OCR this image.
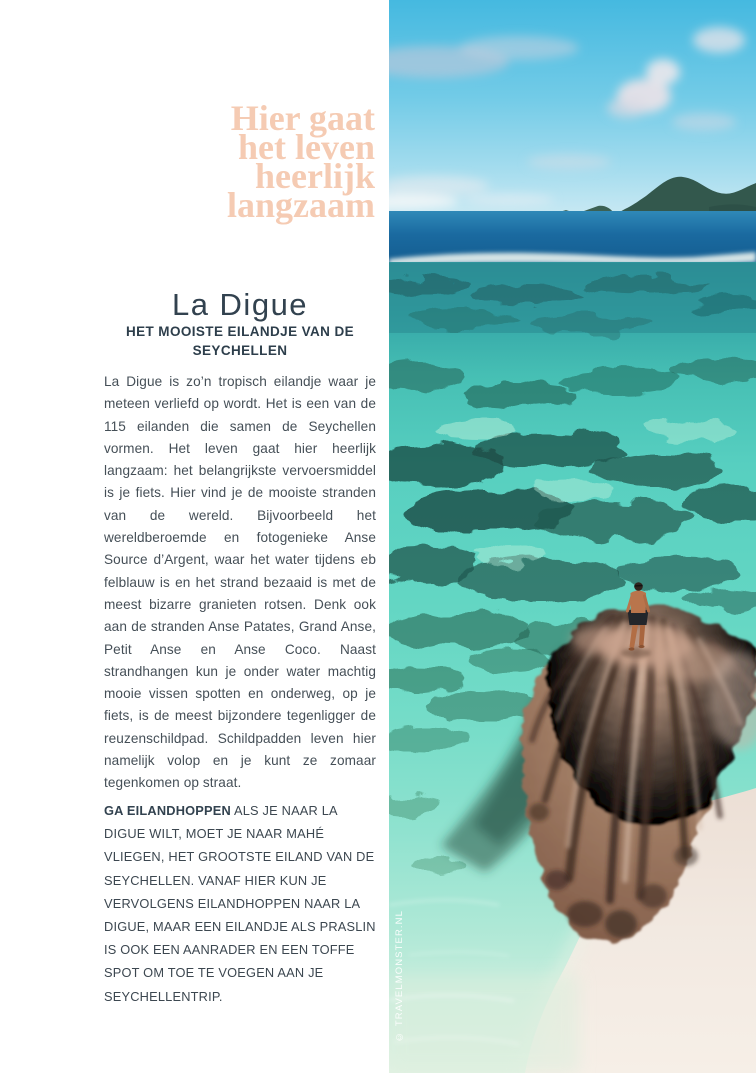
Hier gaat
het leven
heerlijk
langzaam
La Digue
HET MOOISTE EILANDJE VAN DE SEYCHELLEN

La Digue is zo’n tropisch eilandje waar je meteen verliefd op wordt. Het is een van de 115 eilanden die samen de Seychellen vormen. Het leven gaat hier heerlijk langzaam: het belangrijkste vervoersmiddel is je fiets. Hier vind je de mooiste stranden van de wereld. Bijvoorbeeld het wereldberoemde en fotogenieke Anse Source d’Argent, waar het water tijdens eb felblauw is en het strand bezaaid is met de meest bizarre granieten rotsen. Denk ook aan de stranden Anse Patates, Grand Anse, Petit Anse en Anse Coco. Naast strandhangen kun je onder water machtig mooie vissen spotten en onderweg, op je fiets, is de meest bijzondere tegenligger de reuzenschildpad. Schildpadden leven hier namelijk volop en je kunt ze zomaar tegenkomen op straat.

GA EILANDHOPPEN ALS JE NAAR LA DIGUE WILT, MOET JE NAAR MAHÉ VLIEGEN, HET GROOTSTE EILAND VAN DE SEYCHELLEN. VANAF HIER KUN JE VERVOLGENS EILANDHOPPEN NAAR LA DIGUE, MAAR EEN EILANDJE ALS PRASLIN IS OOK EEN AANRADER EN EEN TOFFE SPOT OM TOE TE VOEGEN AAN JE SEYCHELLENTRIP.	© TRAVELMONSTER.NL
